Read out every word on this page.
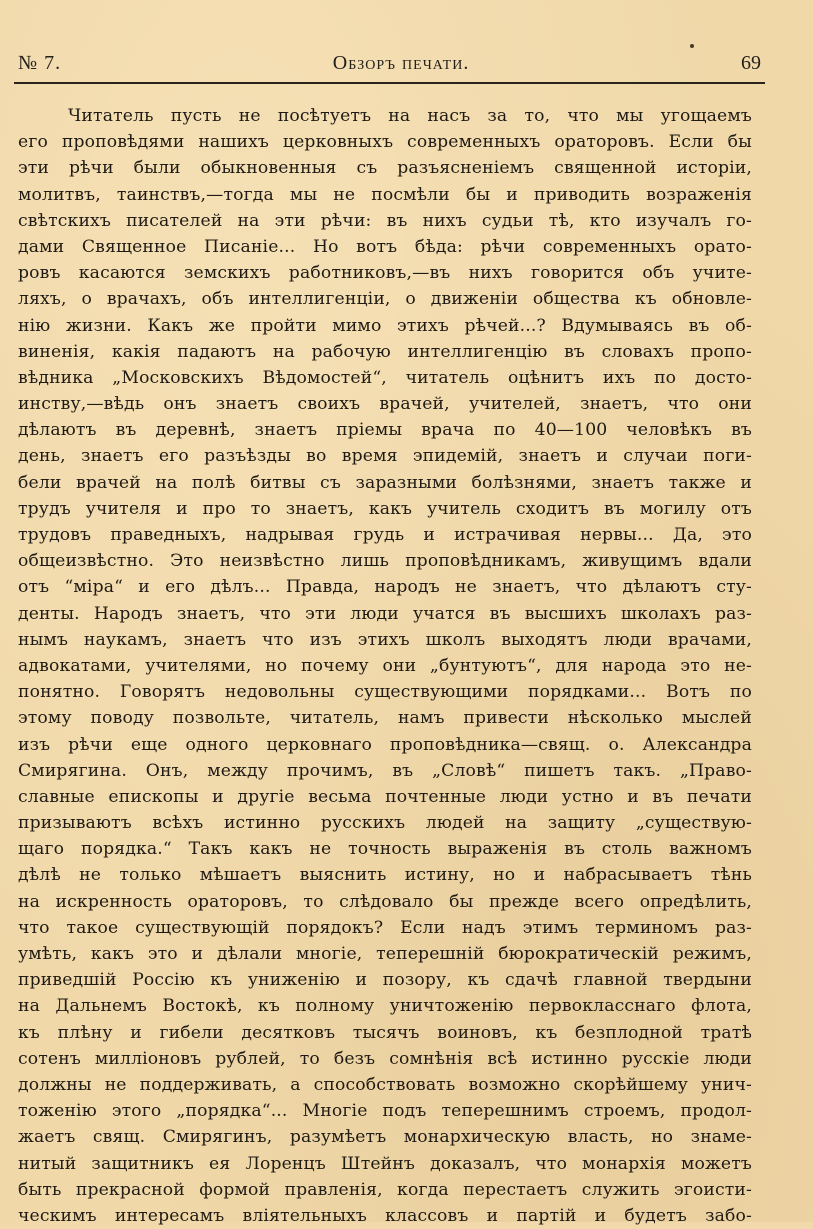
№ 7.	Обзоръ печати.	69
Читатель пусть не посѣтуетъ на насъ за то, что мы угощаемъ
его проповѣдями нашихъ церковныхъ современныхъ ораторовъ. Если бы
эти рѣчи были обыкновенныя съ разъясненіемъ священной исторіи,
молитвъ, таинствъ,—тогда мы не посмѣли бы и приводить возраженія
свѣтскихъ писателей на эти рѣчи: въ нихъ судьи тѣ, кто изучалъ го-
дами Священное Писаніе... Но вотъ бѣда: рѣчи современныхъ орато-
ровъ касаются земскихъ работниковъ,—въ нихъ говорится объ учите-
ляхъ, о врачахъ, объ интеллигенціи, о движеніи общества къ обновле-
нію жизни. Какъ же пройти мимо этихъ рѣчей...? Вдумываясь въ об-
виненія, какія падаютъ на рабочую интеллигенцію въ словахъ пропо-
вѣдника „Московскихъ Вѣдомостей“, читатель оцѣнитъ ихъ по досто-
инству,—вѣдь онъ знаетъ своихъ врачей, учителей, знаетъ, что они
дѣлаютъ въ деревнѣ, знаетъ пріемы врача по 40—100 человѣкъ въ
день, знаетъ его разъѣзды во время эпидемій, знаетъ и случаи поги-
бели врачей на полѣ битвы съ заразными болѣзнями, знаетъ также и
трудъ учителя и про то знаетъ, какъ учитель сходитъ въ могилу отъ
трудовъ праведныхъ, надрывая грудь и истрачивая нервы... Да, это
общеизвѣстно. Это неизвѣстно лишь проповѣдникамъ, живущимъ вдали
отъ “міра“ и его дѣлъ... Правда, народъ не знаетъ, что дѣлаютъ сту-
денты. Народъ знаетъ, что эти люди учатся въ высшихъ школахъ раз-
нымъ наукамъ, знаетъ что изъ этихъ школъ выходятъ люди врачами,
адвокатами, учителями, но почему они „бунтуютъ“, для народа это не-
понятно. Говорятъ недовольны существующими порядками... Вотъ по
этому поводу позвольте, читатель, намъ привести нѣсколько мыслей
изъ рѣчи еще одного церковнаго проповѣдника—свящ. о. Александра
Смирягина. Онъ, между прочимъ, въ „Словѣ“ пишетъ такъ. „Право-
славные епископы и другіе весьма почтенные люди устно и въ печати
призываютъ всѣхъ истинно русскихъ людей на защиту „существую-
щаго порядка.“ Такъ какъ не точность выраженія въ столь важномъ
дѣлѣ не только мѣшаетъ выяснить истину, но и набрасываетъ тѣнь
на искренность ораторовъ, то слѣдовало бы прежде всего опредѣлить,
что такое существующій порядокъ? Если надъ этимъ терминомъ раз-
умѣть, какъ это и дѣлали многіе, теперешній бюрократическій режимъ,
приведшій Россію къ униженію и позору, къ сдачѣ главной твердыни
на Дальнемъ Востокѣ, къ полному уничтоженію первокласснаго флота,
къ плѣну и гибели десятковъ тысячъ воиновъ, къ безплодной тратѣ
сотенъ милліоновъ рублей, то безъ сомнѣнія всѣ истинно русскіе люди
должны не поддерживать, а способствовать возможно скорѣйшему унич-
тоженію этого „порядка“... Многіе подъ теперешнимъ строемъ, продол-
жаетъ свящ. Смирягинъ, разумѣетъ монархическую власть, но знаме-
нитый защитникъ ея Лоренцъ Штейнъ доказалъ, что монархія можетъ
быть прекрасной формой правленія, когда перестаетъ служить эгоисти-
ческимъ интересамъ вліятельныхъ классовъ и партій и будетъ забо-
